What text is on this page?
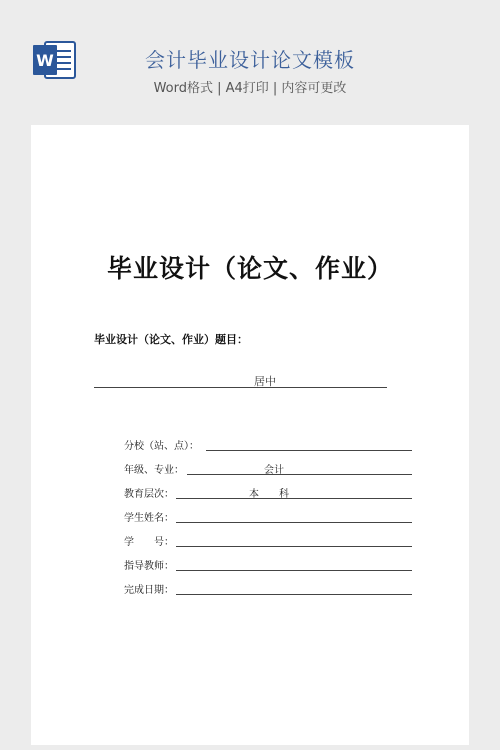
W	会计毕业设计论文模板
Word格式 | A4打印 | 内容可更改
毕业设计（论文、作业）
毕业设计（论文、作业）题目：
居中
分校（站、点）：
年级、专业：	会计
教育层次：	本　　科
学生姓名：
学　　号：
指导教师：
完成日期：
